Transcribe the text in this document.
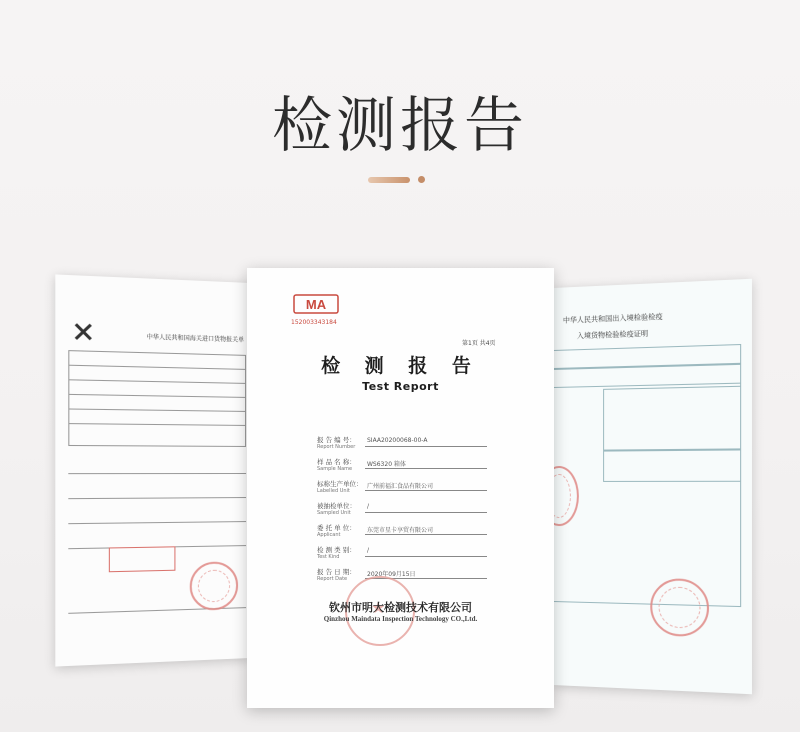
检测报告
中华人民共和国海关进口货物报关单
中华人民共和国出入境检验检疫
入境货物检验检疫证明
MA
152003343184
第1页 共4页
检 测 报 告
Test Report
报 告 编 号：
Report Number
SIAA20200068-00-A
样 品 名 称：
Sample Name
WS6320 箱体
标称生产单位：
Labelled Unit
广州前福汇食品有限公司
被抽检单位：
Sampled Unit
/
委 托 单 位：
Applicant
东莞市星卡享贸有限公司
检 测 类 别：
Test Kind
/
报 告 日 期：
Report Date
2020年09月15日
★
钦州市明大检测技术有限公司
Qinzhou Maindata Inspection Technology CO.,Ltd.
